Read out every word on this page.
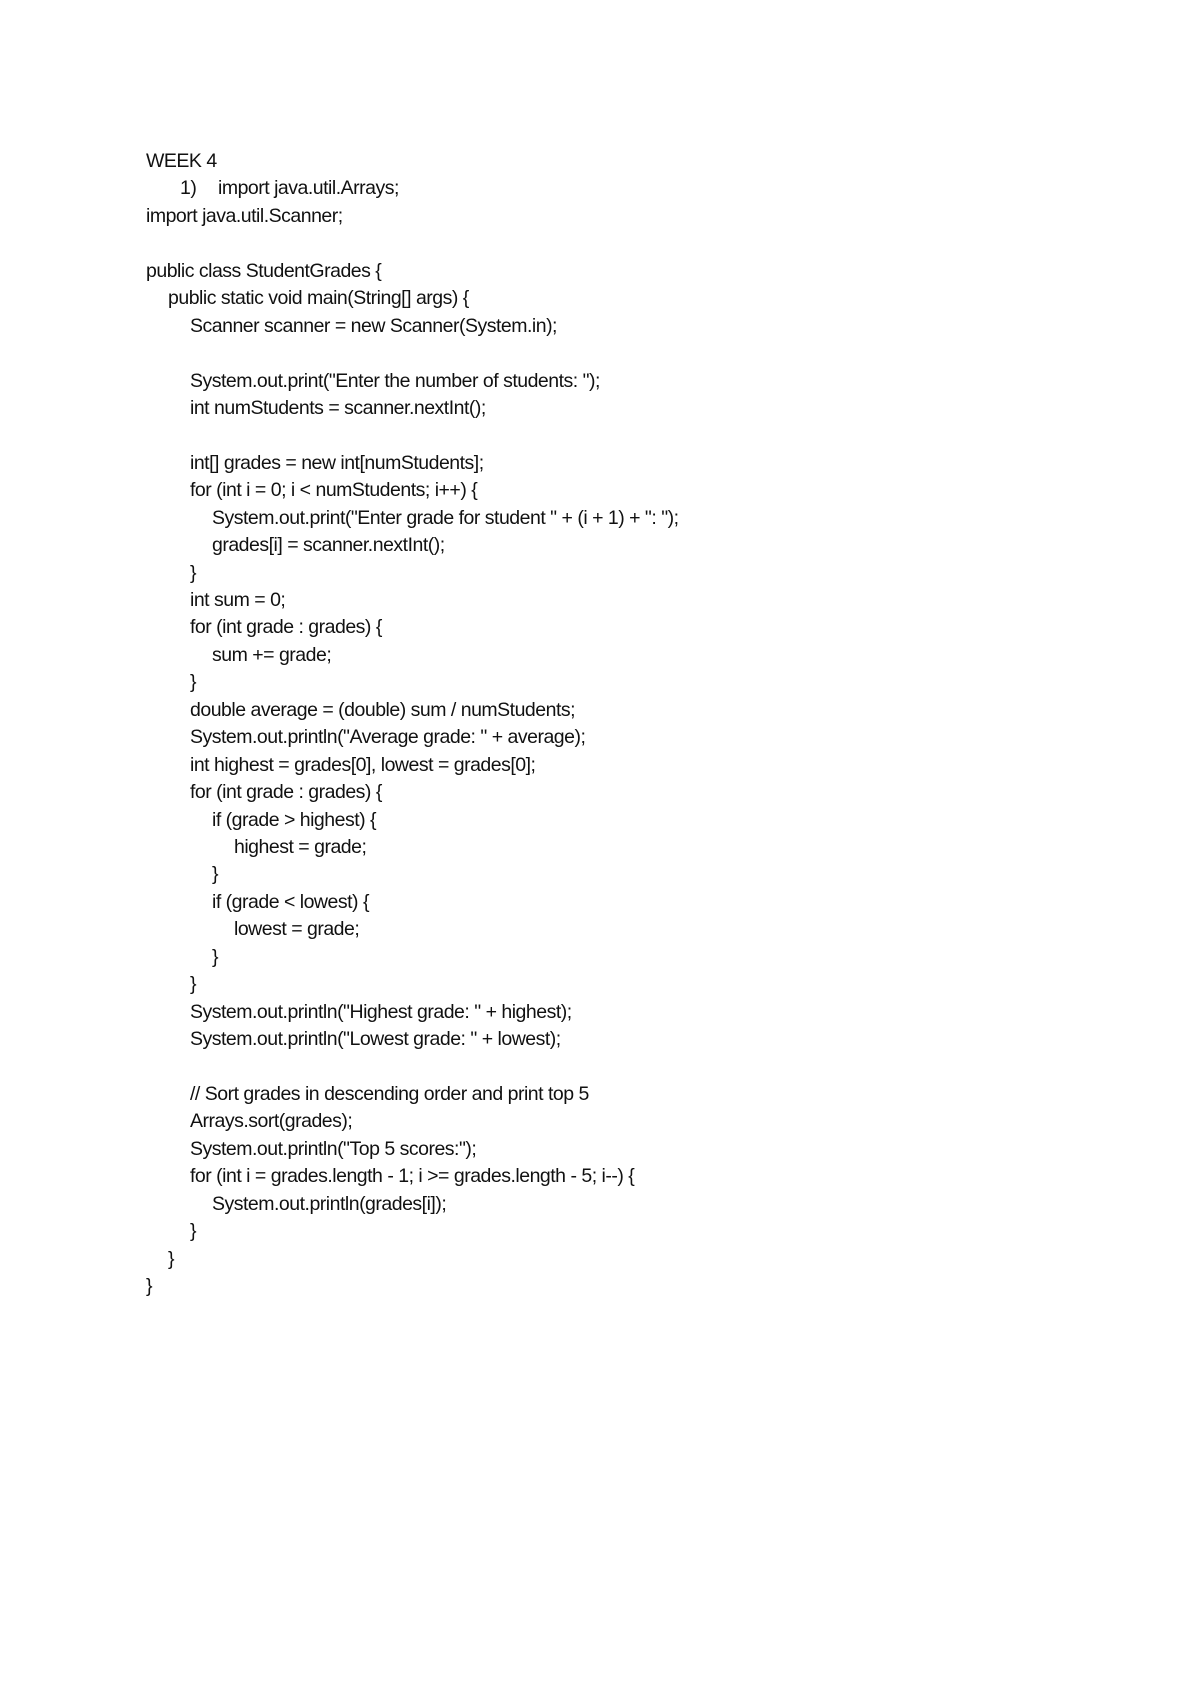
WEEK 4
1) import java.util.Arrays;
import java.util.Scanner;
public class StudentGrades {
public static void main(String[] args) {
Scanner scanner = new Scanner(System.in);
System.out.print("Enter the number of students: ");
int numStudents = scanner.nextInt();
int[] grades = new int[numStudents];
for (int i = 0; i < numStudents; i++) {
System.out.print("Enter grade for student " + (i + 1) + ": ");
grades[i] = scanner.nextInt();
}
int sum = 0;
for (int grade : grades) {
sum += grade;
}
double average = (double) sum / numStudents;
System.out.println("Average grade: " + average);
int highest = grades[0], lowest = grades[0];
for (int grade : grades) {
if (grade > highest) {
highest = grade;
}
if (grade < lowest) {
lowest = grade;
}
}
System.out.println("Highest grade: " + highest);
System.out.println("Lowest grade: " + lowest);
// Sort grades in descending order and print top 5
Arrays.sort(grades);
System.out.println("Top 5 scores:");
for (int i = grades.length - 1; i >= grades.length - 5; i--) {
System.out.println(grades[i]);
}
}
}
